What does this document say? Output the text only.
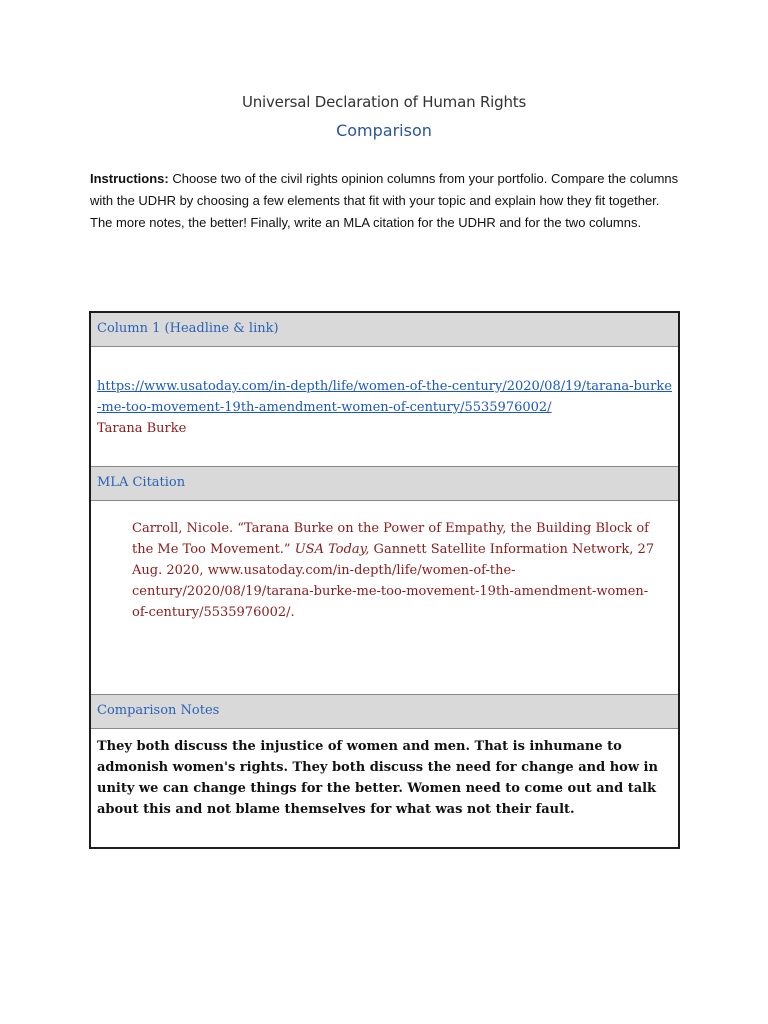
Universal Declaration of Human Rights
Comparison
Instructions: Choose two of the civil rights opinion columns from your portfolio. Compare the columns with the UDHR by choosing a few elements that fit with your topic and explain how they fit together. The more notes, the better! Finally, write an MLA citation for the UDHR and for the two columns.
Column 1 (Headline & link)
https://www.usatoday.com/in-depth/life/women-of-the-century/2020/08/19/tarana-burke-me-too-movement-19th-amendment-women-of-century/5535976002/
Tarana Burke
MLA Citation
Carroll, Nicole. “Tarana Burke on the Power of Empathy, the Building Block of the Me Too Movement.” USA Today, Gannett Satellite Information Network, 27 Aug. 2020, www.usatoday.com/in-depth/life/women-of-the-century/2020/08/19/tarana-burke-me-too-movement-19th-amendment-women-of-century/5535976002/.
Comparison Notes
They both discuss the injustice of women and men. That is inhumane to admonish women's rights. They both discuss the need for change and how in unity we can change things for the better. Women need to come out and talk about this and not blame themselves for what was not their fault.
